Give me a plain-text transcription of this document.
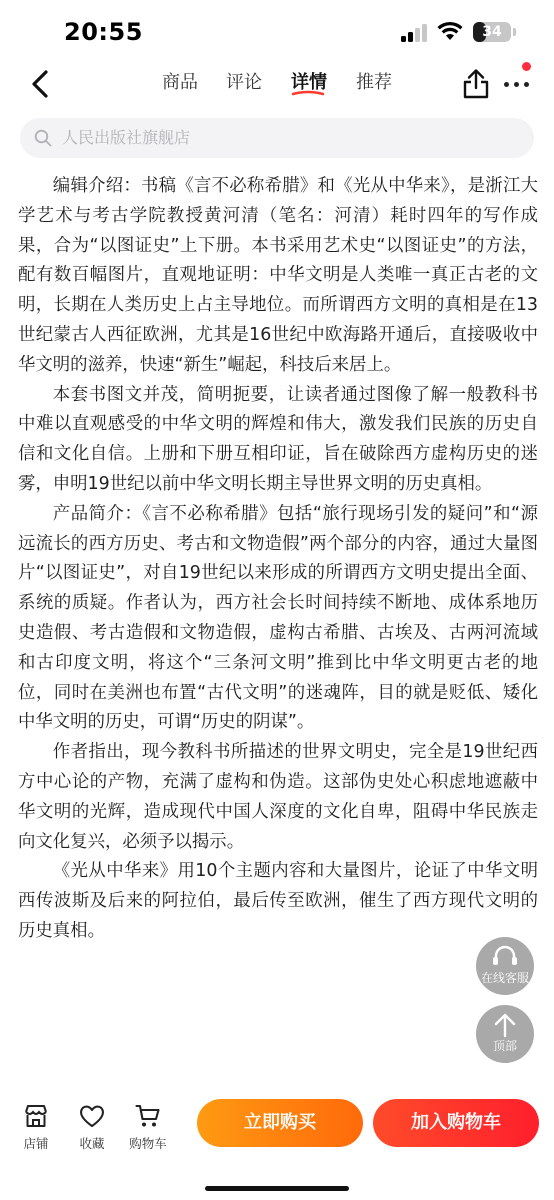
20:55	34
商品 评论 详情 推荐
人民出版社旗舰店

编辑介绍：书稿《言不必称希腊》和《光从中华来》，是浙江大学艺术与考古学院教授黄河清（笔名：河清）耗时四年的写作成果，合为“以图证史”上下册。本书采用艺术史“以图证史”的方法，配有数百幅图片，直观地证明：中华文明是人类唯一真正古老的文明，长期在人类历史上占主导地位。而所谓西方文明的真相是在13世纪蒙古人西征欧洲，尤其是16世纪中欧海路开通后，直接吸收中华文明的滋养，快速“新生”崛起，科技后来居上。

本套书图文并茂，简明扼要，让读者通过图像了解一般教科书中难以直观感受的中华文明的辉煌和伟大，激发我们民族的历史自信和文化自信。上册和下册互相印证，旨在破除西方虚构历史的迷雾，申明19世纪以前中华文明长期主导世界文明的历史真相。

产品简介：《言不必称希腊》包括“旅行现场引发的疑问”和“源远流长的西方历史、考古和文物造假”两个部分的内容，通过大量图片“以图证史”，对自19世纪以来形成的所谓西方文明史提出全面、系统的质疑。作者认为，西方社会长时间持续不断地、成体系地历史造假、考古造假和文物造假，虚构古希腊、古埃及、古两河流域和古印度文明，将这个“三条河文明”推到比中华文明更古老的地位，同时在美洲也布置“古代文明”的迷魂阵，目的就是贬低、矮化中华文明的历史，可谓“历史的阴谋”。

作者指出，现今教科书所描述的世界文明史，完全是19世纪西方中心论的产物，充满了虚构和伪造。这部伪史处心积虑地遮蔽中华文明的光辉，造成现代中国人深度的文化自卑，阻碍中华民族走向文化复兴，必须予以揭示。

《光从中华来》用10个主题内容和大量图片，论证了中华文明西传波斯及后来的阿拉伯，最后传至欧洲，催生了西方现代文明的历史真相。

在线客服
顶部
店铺	收藏	购物车
立即购买	加入购物车
